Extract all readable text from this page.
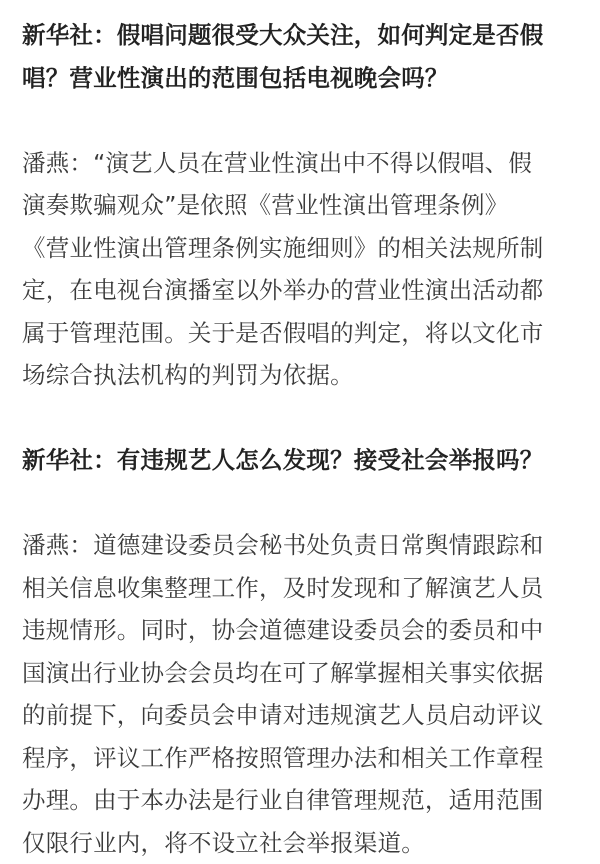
新华社：假唱问题很受大众关注，如何判定是否假
唱？营业性演出的范围包括电视晚会吗？
潘燕：“演艺人员在营业性演出中不得以假唱、假
演奏欺骗观众”是依照《营业性演出管理条例》
《营业性演出管理条例实施细则》的相关法规所制
定，在电视台演播室以外举办的营业性演出活动都
属于管理范围。关于是否假唱的判定，将以文化市
场综合执法机构的判罚为依据。
新华社：有违规艺人怎么发现？接受社会举报吗？
潘燕：道德建设委员会秘书处负责日常舆情跟踪和
相关信息收集整理工作，及时发现和了解演艺人员
违规情形。同时，协会道德建设委员会的委员和中
国演出行业协会会员均在可了解掌握相关事实依据
的前提下，向委员会申请对违规演艺人员启动评议
程序，评议工作严格按照管理办法和相关工作章程
办理。由于本办法是行业自律管理规范，适用范围
仅限行业内，将不设立社会举报渠道。
